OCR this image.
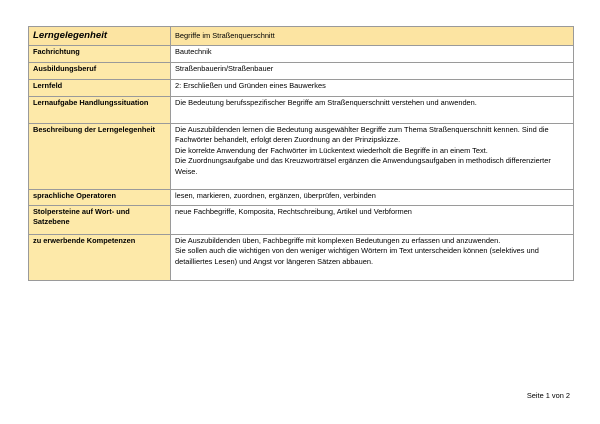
Lerngelegenheit	Begriffe im Straßenquerschnitt
Fachrichtung	Bautechnik

Ausbildungsberuf	Straßenbauerin/Straßenbauer

Lernfeld	2: Erschließen und Gründen eines Bauwerkes

Lernaufgabe Handlungssituation	Die Bedeutung berufsspezifischer Begriffe am Straßenquerschnitt verstehen und anwenden.

Beschreibung der Lerngelegenheit	Die Auszubildenden lernen die Bedeutung ausgewählter Begriffe zum Thema Straßenquerschnitt kennen. Sind die Fachwörter behandelt, erfolgt deren Zuordnung an der Prinzipskizze.
Die korrekte Anwendung der Fachwörter im Lückentext wiederholt die Begriffe in an einem Text.
Die Zuordnungsaufgabe und das Kreuzworträtsel ergänzen die Anwendungsaufgaben in methodisch differenzierter Weise.

sprachliche Operatoren	lesen, markieren, zuordnen, ergänzen, überprüfen, verbinden

Stolpersteine auf Wort- und Satzebene	neue Fachbegriffe, Komposita, Rechtschreibung, Artikel und Verbformen

zu erwerbende Kompetenzen	Die Auszubildenden üben, Fachbegriffe mit komplexen Bedeutungen zu erfassen und anzuwenden.
Sie sollen auch die wichtigen von den weniger wichtigen Wörtern im Text unterscheiden können (selektives und detailliertes Lesen) und Angst vor längeren Sätzen abbauen.
Seite 1 von 2
